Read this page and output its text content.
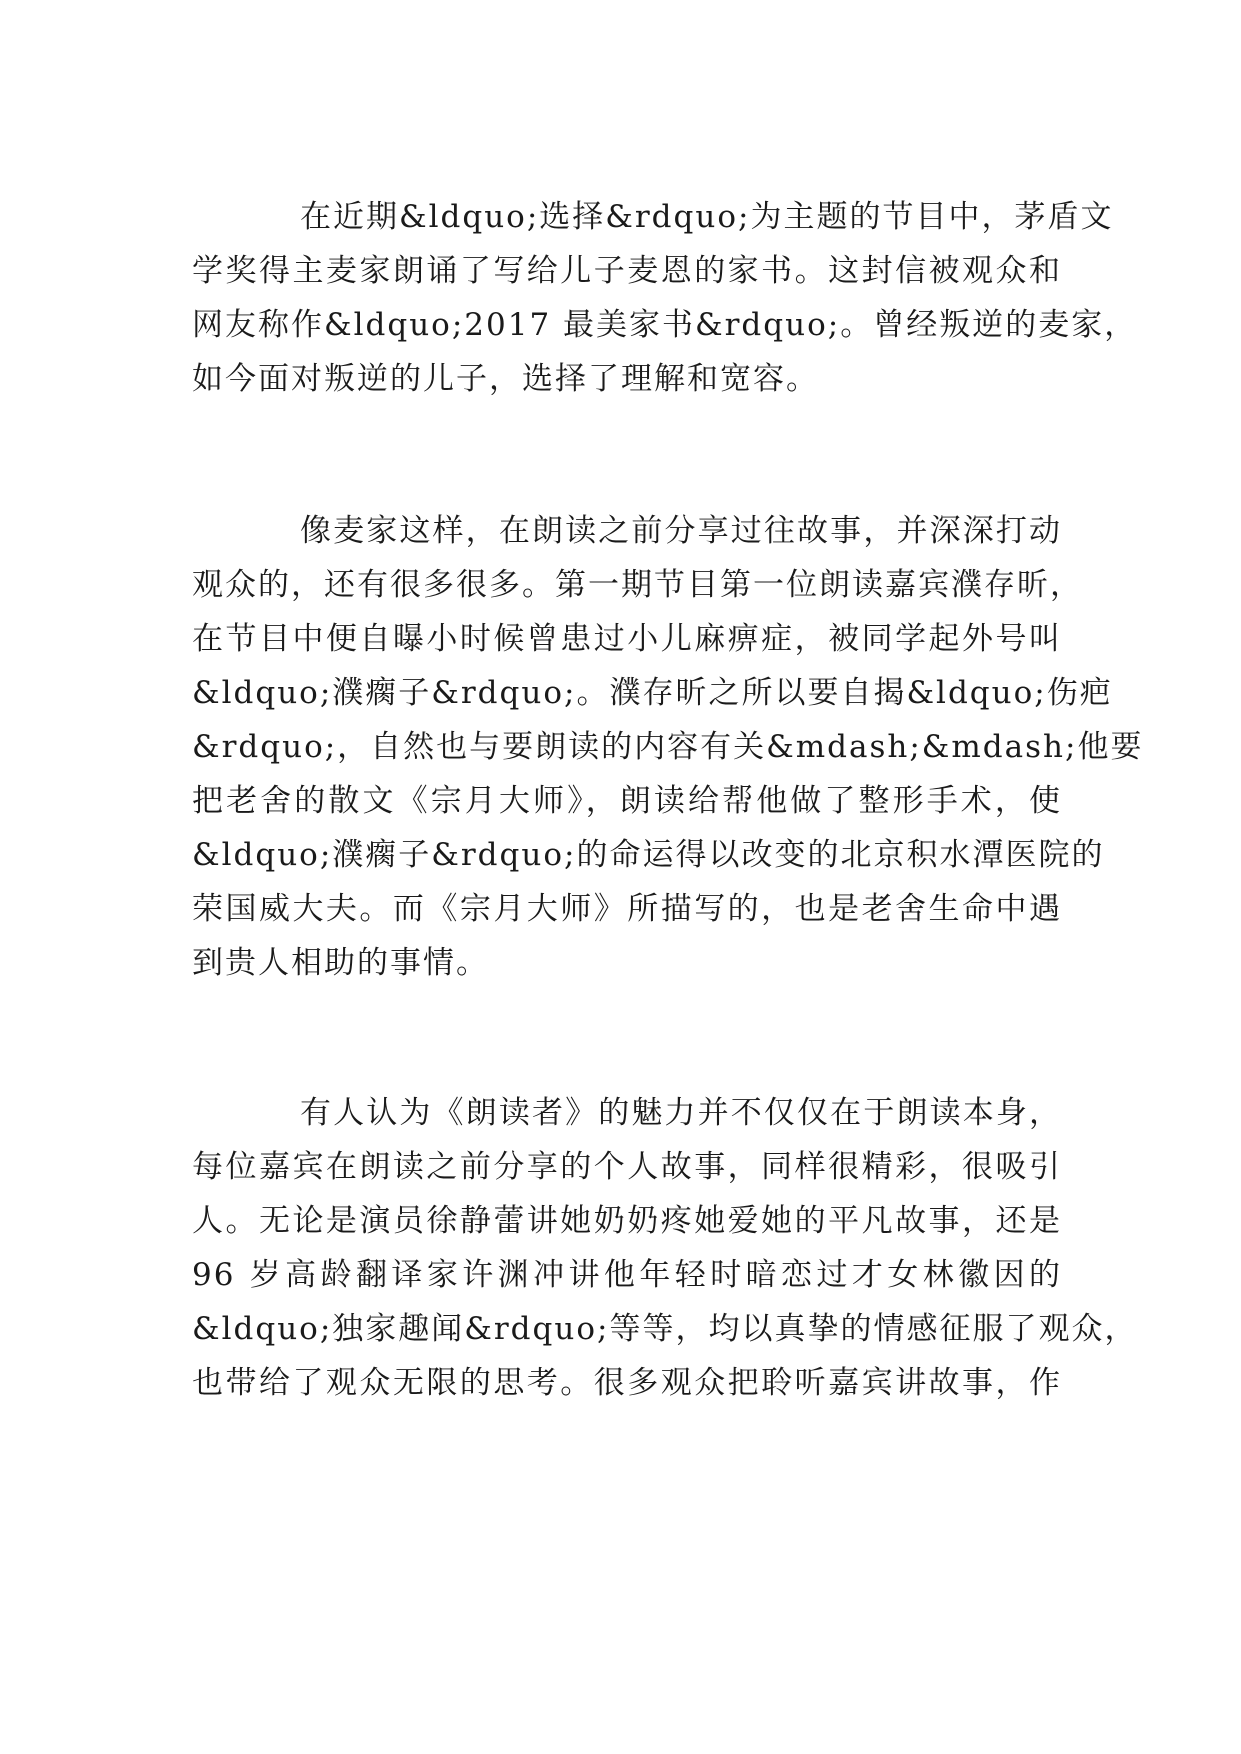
在近期&ldquo;选择&rdquo;为主题的节目中，茅盾文
学奖得主麦家朗诵了写给儿子麦恩的家书。这封信被观众和
网友称作&ldquo;2017 最美家书&rdquo;。曾经叛逆的麦家，
如今面对叛逆的儿子，选择了理解和宽容。
像麦家这样，在朗读之前分享过往故事，并深深打动
观众的，还有很多很多。第一期节目第一位朗读嘉宾濮存昕，
在节目中便自曝小时候曾患过小儿麻痹症，被同学起外号叫
&ldquo;濮瘸子&rdquo;。濮存昕之所以要自揭&ldquo;伤疤
&rdquo;，自然也与要朗读的内容有关&mdash;&mdash;他要
把老舍的散文《宗月大师》，朗读给帮他做了整形手术，使
&ldquo;濮瘸子&rdquo;的命运得以改变的北京积水潭医院的
荣国威大夫。而《宗月大师》所描写的，也是老舍生命中遇
到贵人相助的事情。
有人认为《朗读者》的魅力并不仅仅在于朗读本身，
每位嘉宾在朗读之前分享的个人故事，同样很精彩，很吸引
人。无论是演员徐静蕾讲她奶奶疼她爱她的平凡故事，还是
96 岁高龄翻译家许渊冲讲他年轻时暗恋过才女林徽因的
&ldquo;独家趣闻&rdquo;等等，均以真挚的情感征服了观众，
也带给了观众无限的思考。很多观众把聆听嘉宾讲故事，作
